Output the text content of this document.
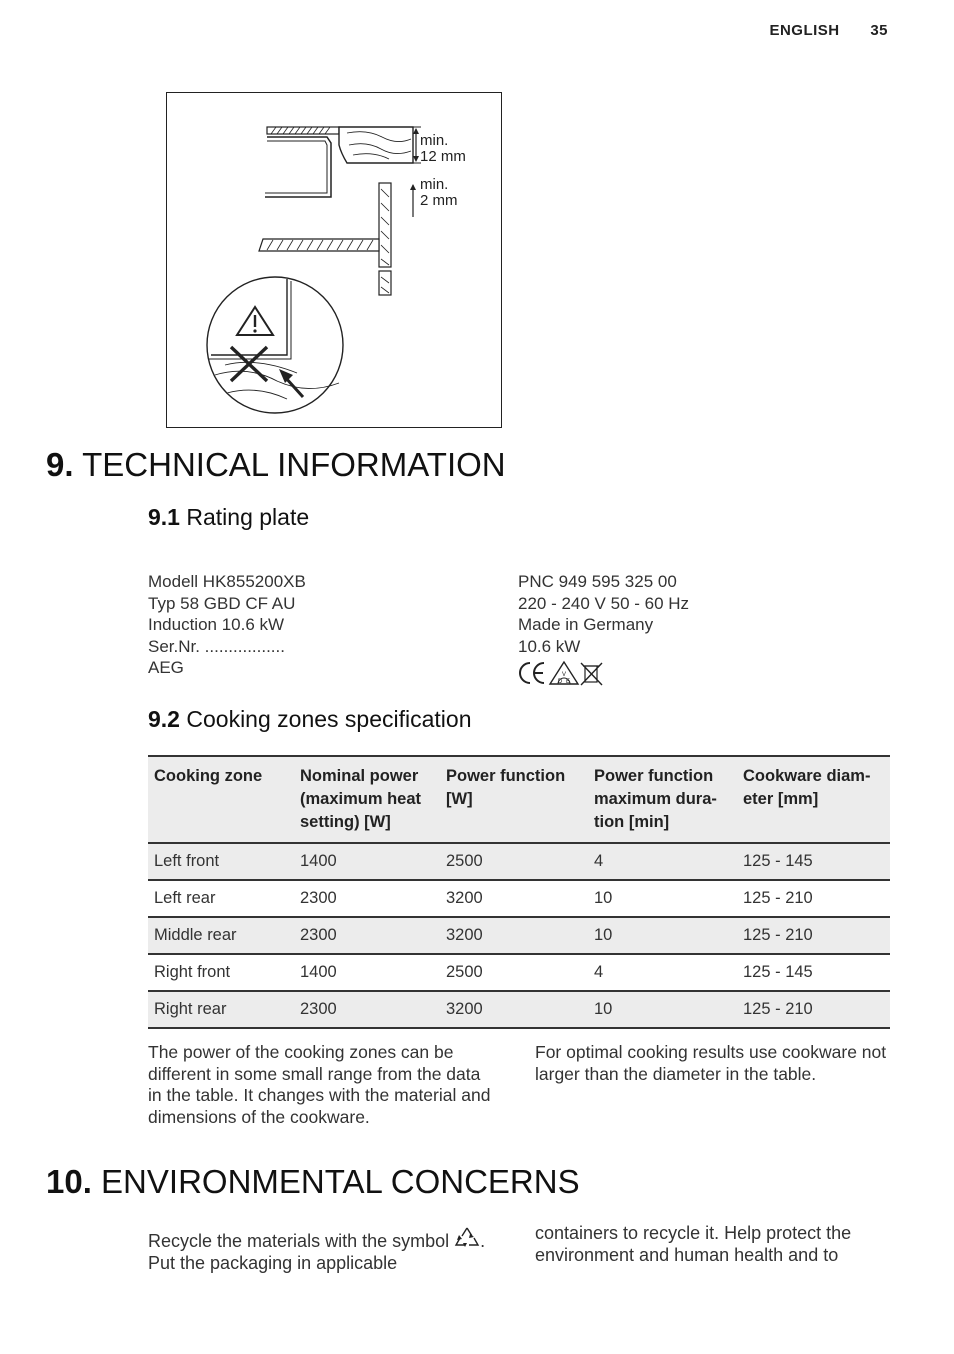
ENGLISH 35
min.
12 mm
min.
2 mm
9. TECHNICAL INFORMATION
9.1 Rating plate
Modell HK855200XB
Typ 58 GBD CF AU
Induction 10.6 kW
Ser.Nr. .................
AEG
PNC 949 595 325 00
220 - 240 V 50 - 60 Hz
Made in Germany
10.6 kW
V
D E
9.2 Cooking zones specification
Cooking zone	Nominal power (maximum heat setting) [W]	Power function [W]	Power function maximum dura- tion [min]	Cookware diam- eter [mm]
Left front	1400	2500	4	125 - 145
Left rear	2300	3200	10	125 - 210
Middle rear	2300	3200	10	125 - 210
Right front	1400	2500	4	125 - 145
Right rear	2300	3200	10	125 - 210
The power of the cooking zones can be different in some small range from the data in the table. It changes with the material and dimensions of the cookware.
For optimal cooking results use cookware not larger than the diameter in the table.
10. ENVIRONMENTAL CONCERNS
Recycle the materials with the symbol .
Put the packaging in applicable
containers to recycle it. Help protect the environment and human health and to
